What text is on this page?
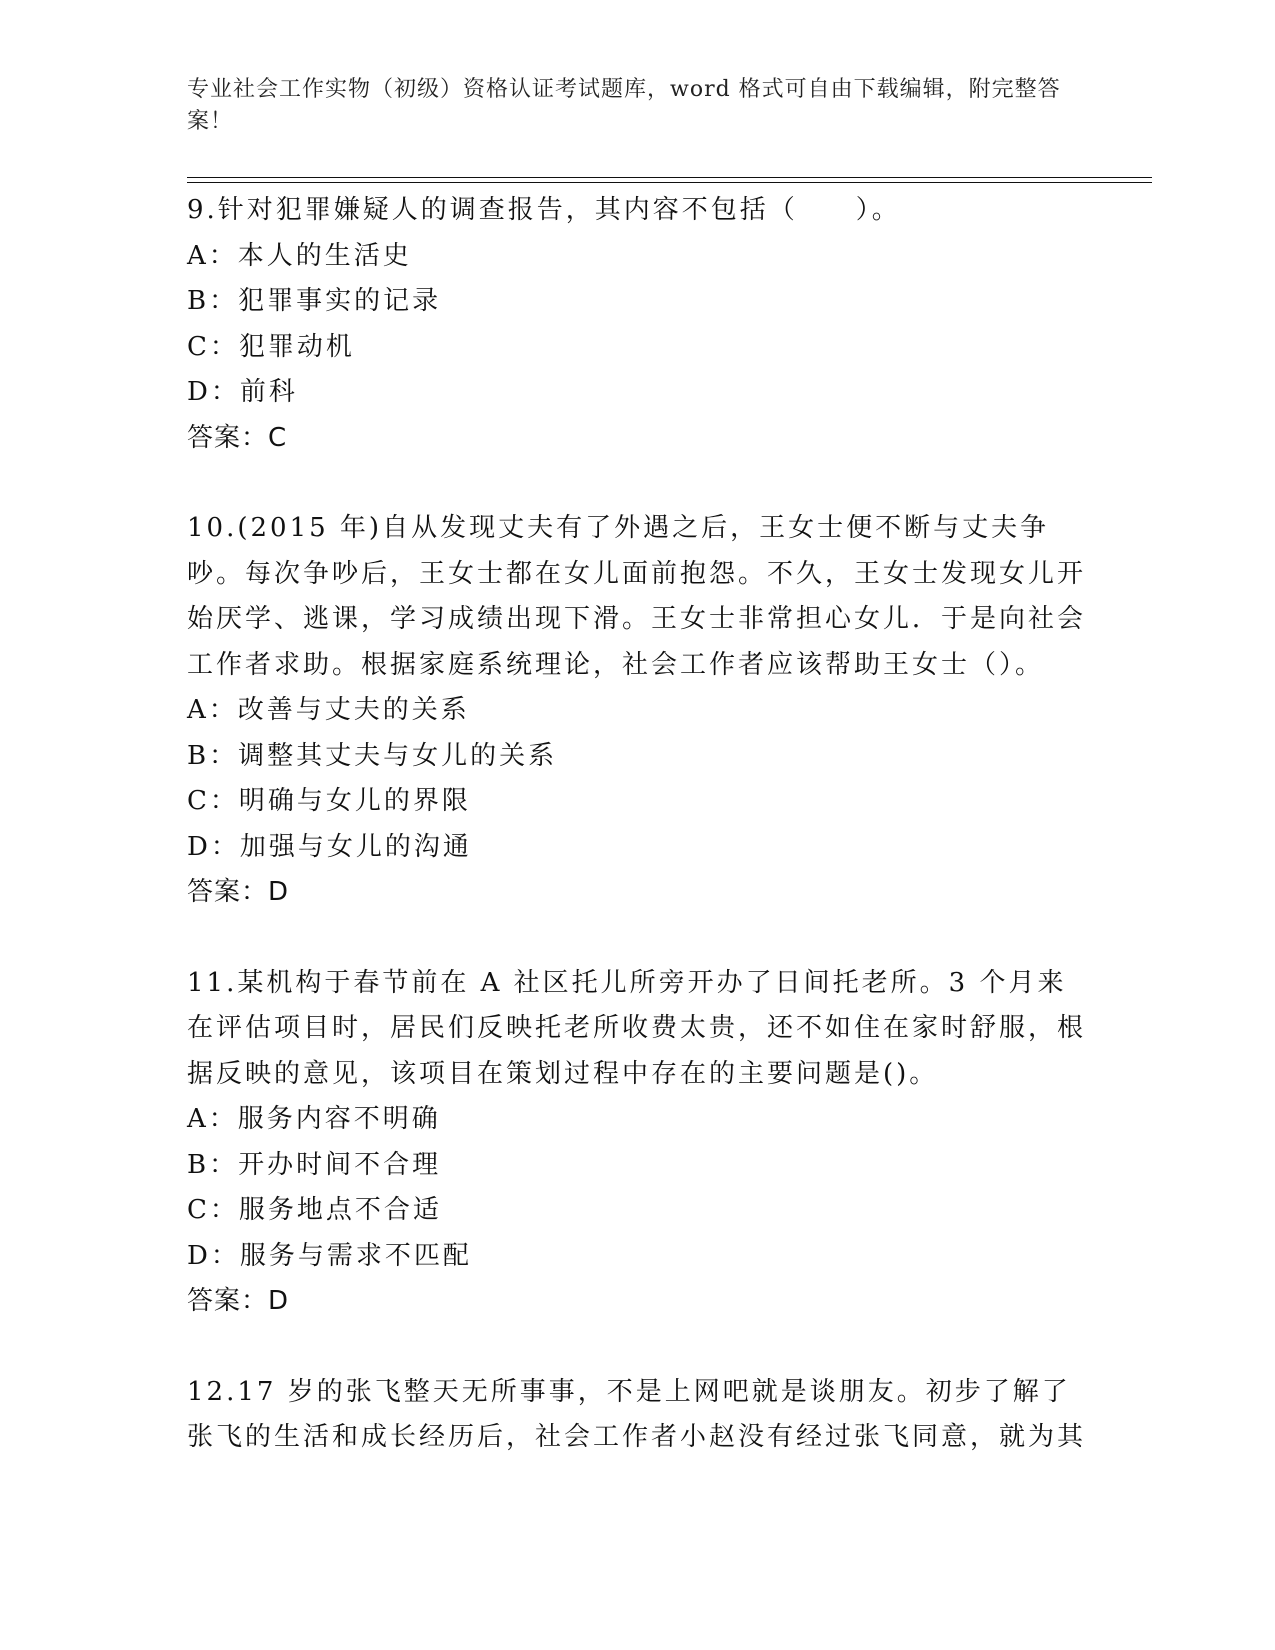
专业社会工作实物（初级）资格认证考试题库，word 格式可自由下载编辑，附完整答案！
9.针对犯罪嫌疑人的调查报告，其内容不包括（　　）。
A：本人的生活史
B：犯罪事实的记录
C：犯罪动机
D：前科
答案：C
10.(2015 年)自从发现丈夫有了外遇之后，王女士便不断与丈夫争吵。每次争吵后，王女士都在女儿面前抱怨。不久，王女士发现女儿开始厌学、逃课，学习成绩出现下滑。王女士非常担心女儿．于是向社会工作者求助。根据家庭系统理论，社会工作者应该帮助王女士（）。
A：改善与丈夫的关系
B：调整其丈夫与女儿的关系
C：明确与女儿的界限
D：加强与女儿的沟通
答案：D
11.某机构于春节前在 A 社区托儿所旁开办了日间托老所。3 个月来在评估项目时，居民们反映托老所收费太贵，还不如住在家时舒服，根据反映的意见，该项目在策划过程中存在的主要问题是()。
A：服务内容不明确
B：开办时间不合理
C：服务地点不合适
D：服务与需求不匹配
答案：D
12.17 岁的张飞整天无所事事，不是上网吧就是谈朋友。初步了解了张飞的生活和成长经历后，社会工作者小赵没有经过张飞同意，就为其
